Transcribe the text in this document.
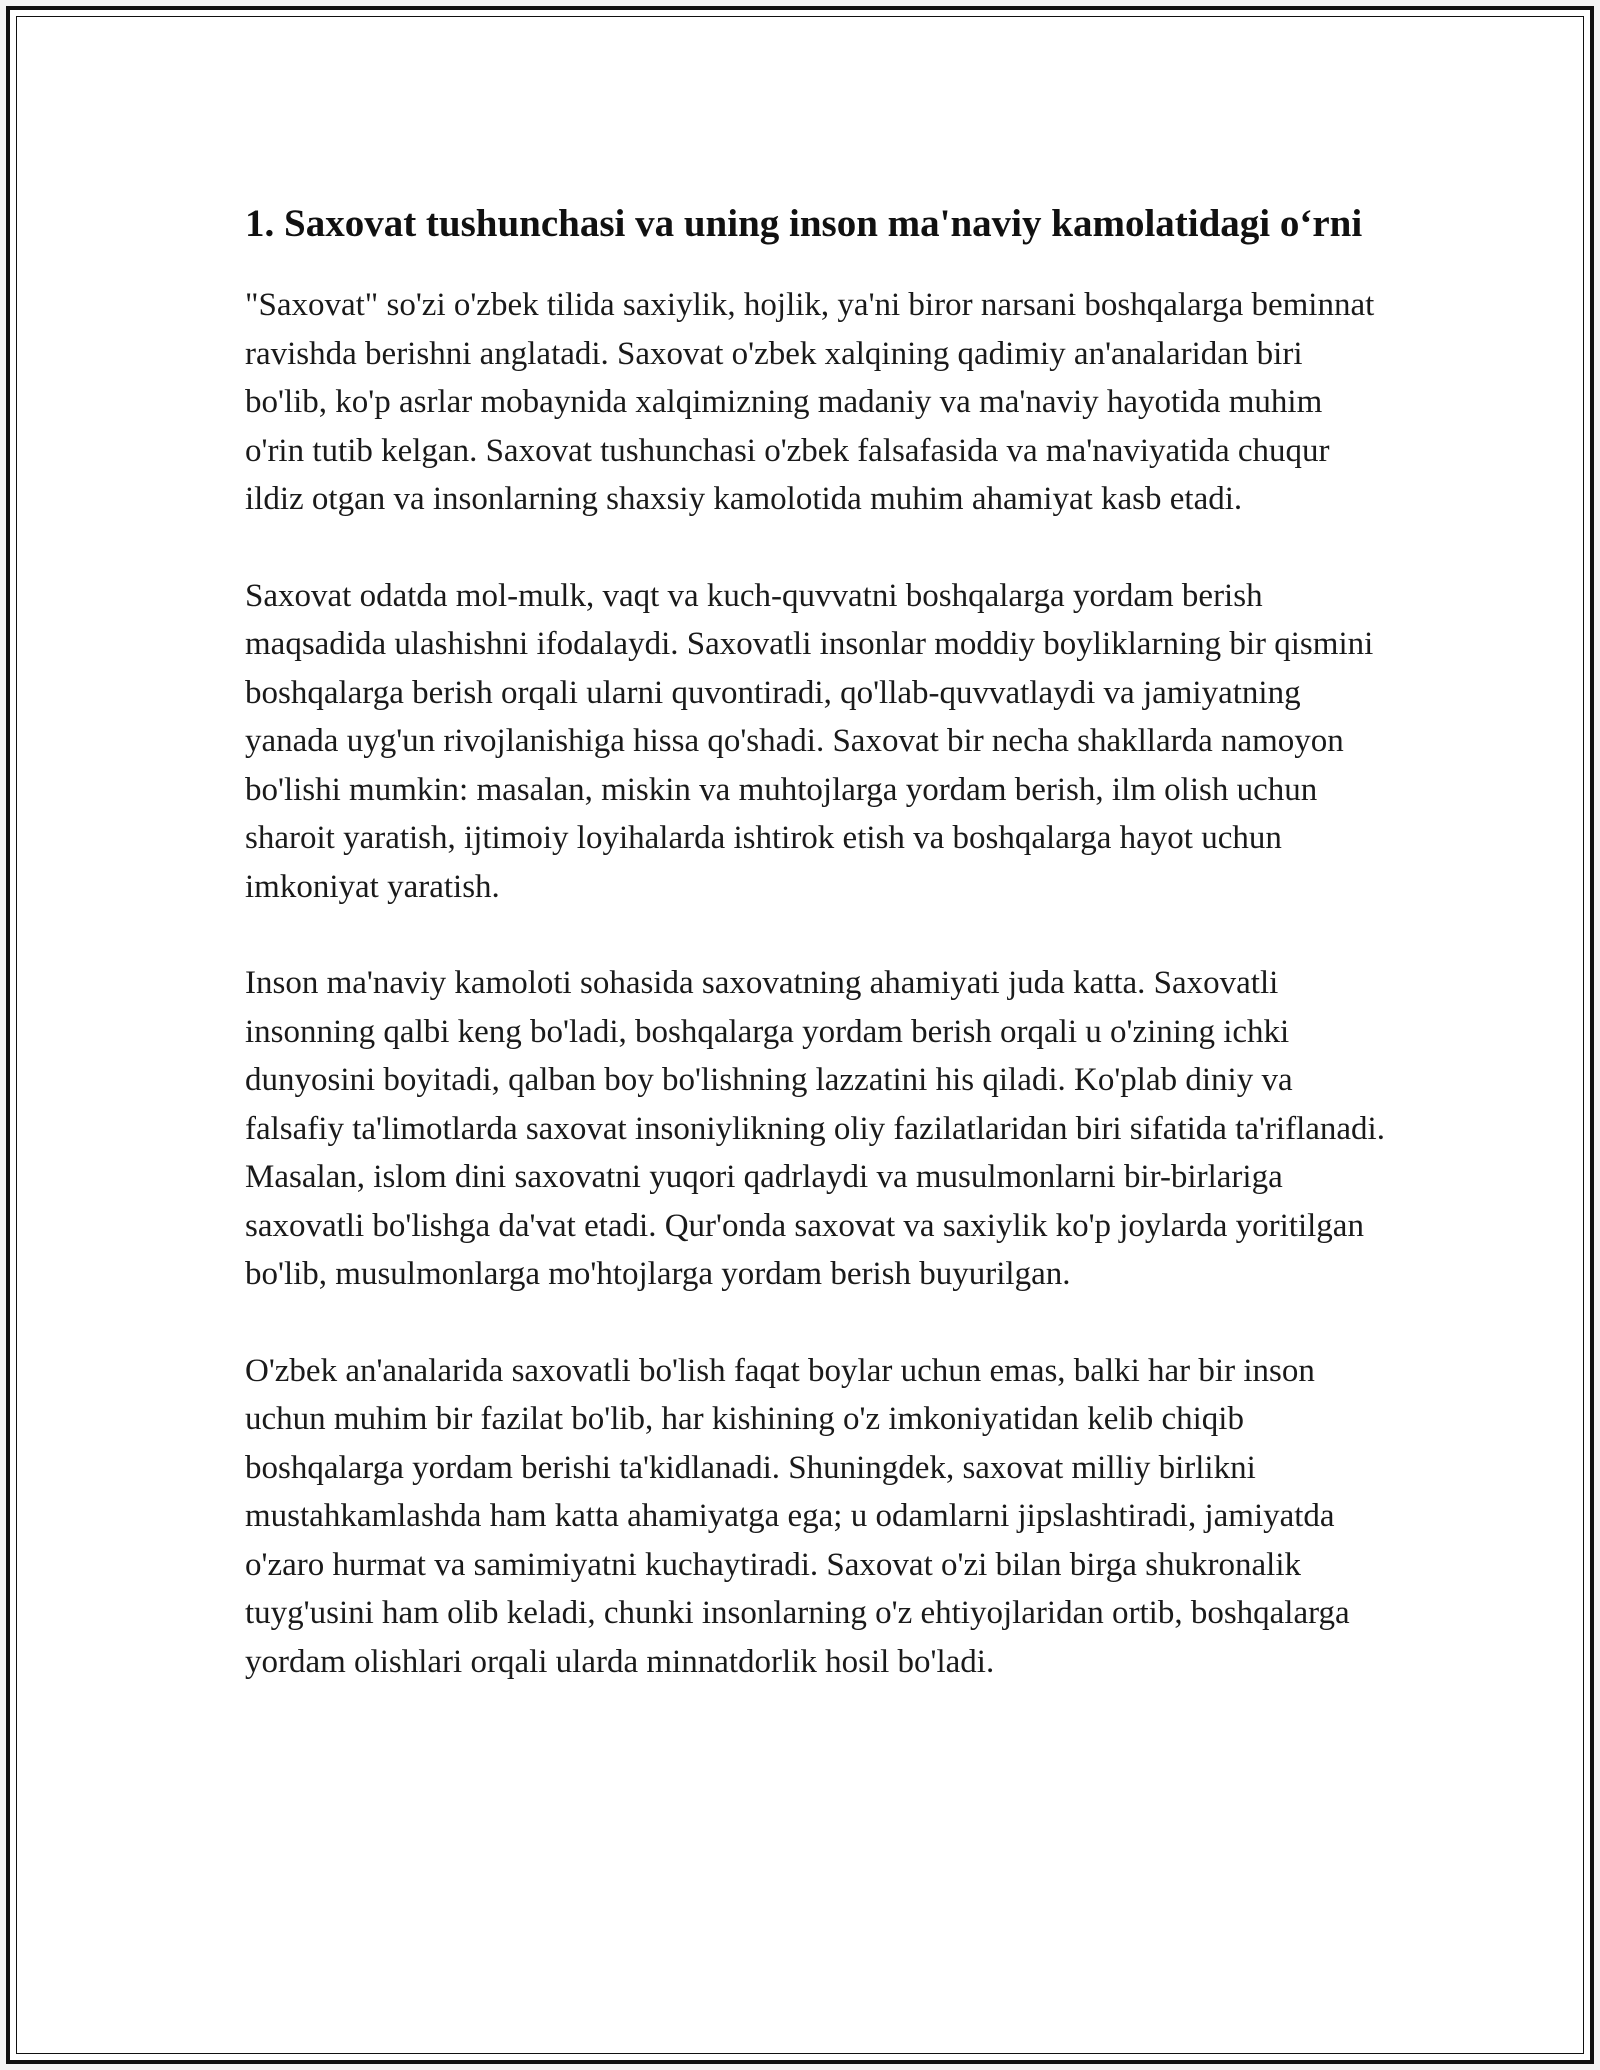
1. Saxovat tushunchasi va uning inson ma'naviy kamolatidagi o‘rni

"Saxovat" so'zi o'zbek tilida saxiylik, hojlik, ya'ni biror narsani boshqalarga beminnat ravishda berishni anglatadi. Saxovat o'zbek xalqining qadimiy an'analaridan biri bo'lib, ko'p asrlar mobaynida xalqimizning madaniy va ma'naviy hayotida muhim o'rin tutib kelgan. Saxovat tushunchasi o'zbek falsafasida va ma'naviyatida chuqur ildiz otgan va insonlarning shaxsiy kamolotida muhim ahamiyat kasb etadi.

Saxovat odatda mol-mulk, vaqt va kuch-quvvatni boshqalarga yordam berish maqsadida ulashishni ifodalaydi. Saxovatli insonlar moddiy boyliklarning bir qismini boshqalarga berish orqali ularni quvontiradi, qo'llab-quvvatlaydi va jamiyatning yanada uyg'un rivojlanishiga hissa qo'shadi. Saxovat bir necha shakllarda namoyon bo'lishi mumkin: masalan, miskin va muhtojlarga yordam berish, ilm olish uchun sharoit yaratish, ijtimoiy loyihalarda ishtirok etish va boshqalarga hayot uchun imkoniyat yaratish.

Inson ma'naviy kamoloti sohasida saxovatning ahamiyati juda katta. Saxovatli insonning qalbi keng bo'ladi, boshqalarga yordam berish orqali u o'zining ichki dunyosini boyitadi, qalban boy bo'lishning lazzatini his qiladi. Ko'plab diniy va falsafiy ta'limotlarda saxovat insoniylikning oliy fazilatlaridan biri sifatida ta'riflanadi. Masalan, islom dini saxovatni yuqori qadrlaydi va musulmonlarni bir-birlariga saxovatli bo'lishga da'vat etadi. Qur'onda saxovat va saxiylik ko'p joylarda yoritilgan bo'lib, musulmonlarga mo'htojlarga yordam berish buyurilgan.

O'zbek an'analarida saxovatli bo'lish faqat boylar uchun emas, balki har bir inson uchun muhim bir fazilat bo'lib, har kishining o'z imkoniyatidan kelib chiqib boshqalarga yordam berishi ta'kidlanadi. Shuningdek, saxovat milliy birlikni mustahkamlashda ham katta ahamiyatga ega; u odamlarni jipslashtiradi, jamiyatda o'zaro hurmat va samimiyatni kuchaytiradi. Saxovat o'zi bilan birga shukronalik tuyg'usini ham olib keladi, chunki insonlarning o'z ehtiyojlaridan ortib, boshqalarga yordam olishlari orqali ularda minnatdorlik hosil bo'ladi.
